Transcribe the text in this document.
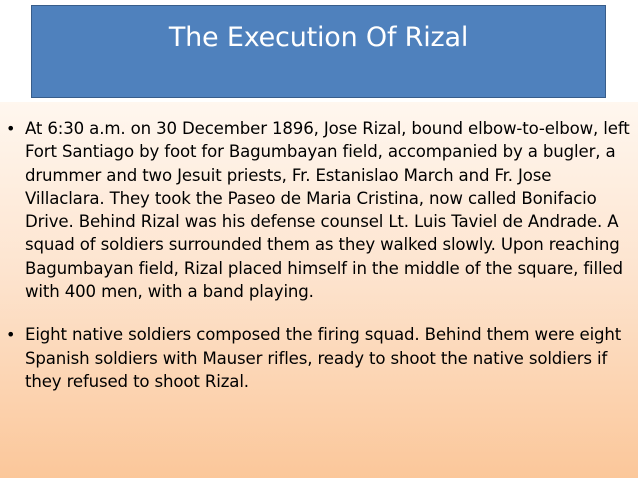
The Execution Of Rizal
• At 6:30 a.m. on 30 December 1896, Jose Rizal, bound elbow-to-elbow, left Fort Santiago by foot for Bagumbayan field, accompanied by a bugler, a drummer and two Jesuit priests, Fr. Estanislao March and Fr. Jose Villaclara. They took the Paseo de Maria Cristina, now called Bonifacio Drive. Behind Rizal was his defense counsel Lt. Luis Taviel de Andrade. A squad of soldiers surrounded them as they walked slowly. Upon reaching Bagumbayan field, Rizal placed himself in the middle of the square, filled with 400 men, with a band playing.
• Eight native soldiers composed the firing squad. Behind them were eight Spanish soldiers with Mauser rifles, ready to shoot the native soldiers if they refused to shoot Rizal.
